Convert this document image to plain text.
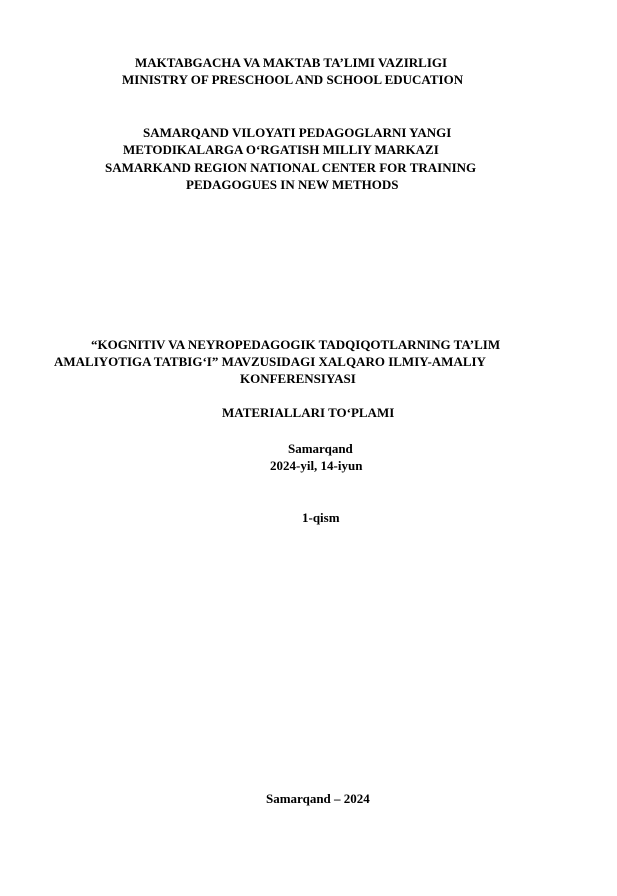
MAKTABGACHA VA MAKTAB TA’LIMI VAZIRLIGI
MINISTRY OF PRESCHOOL AND SCHOOL EDUCATION
SAMARQAND VILOYATI PEDAGOGLARNI YANGI
METODIKALARGA O‘RGATISH MILLIY MARKAZI
SAMARKAND REGION NATIONAL CENTER FOR TRAINING
PEDAGOGUES IN NEW METHODS
“KOGNITIV VA NEYROPEDAGOGIK TADQIQOTLARNING TA’LIM
AMALIYOTIGA TATBIG‘I” MAVZUSIDAGI XALQARO ILMIY-AMALIY
KONFERENSIYASI
MATERIALLARI TO‘PLAMI
Samarqand
2024-yil, 14-iyun
1-qism
Samarqand – 2024
